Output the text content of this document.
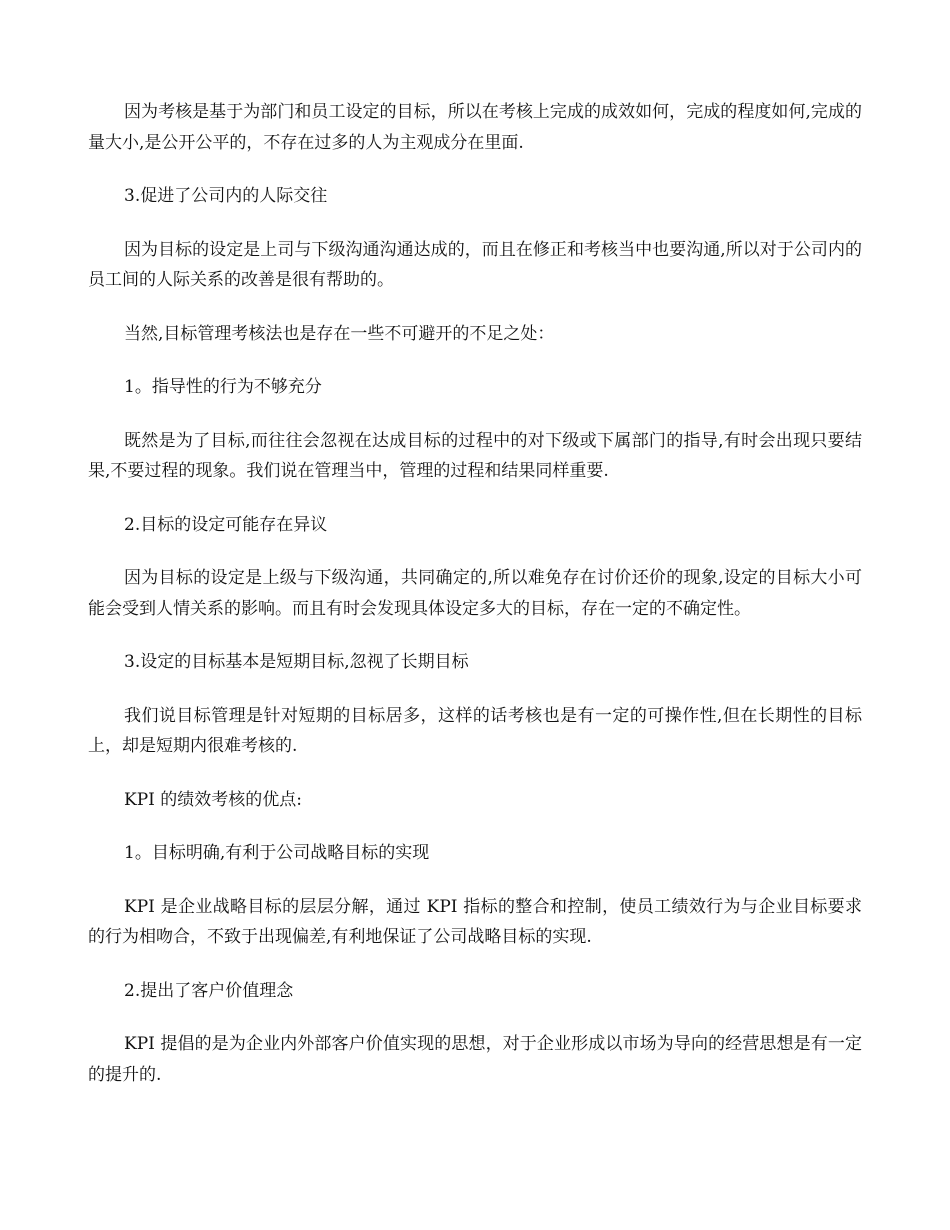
因为考核是基于为部门和员工设定的目标，所以在考核上完成的成效如何，完成的程度如何,完成的量大小,是公开公平的，不存在过多的人为主观成分在里面.

3.促进了公司内的人际交往

因为目标的设定是上司与下级沟通沟通达成的，而且在修正和考核当中也要沟通,所以对于公司内的员工间的人际关系的改善是很有帮助的。

当然,目标管理考核法也是存在一些不可避开的不足之处：

1。指导性的行为不够充分

既然是为了目标,而往往会忽视在达成目标的过程中的对下级或下属部门的指导,有时会出现只要结果,不要过程的现象。我们说在管理当中，管理的过程和结果同样重要.

2.目标的设定可能存在异议

因为目标的设定是上级与下级沟通，共同确定的,所以难免存在讨价还价的现象,设定的目标大小可能会受到人情关系的影响。而且有时会发现具体设定多大的目标，存在一定的不确定性。

3.设定的目标基本是短期目标,忽视了长期目标

我们说目标管理是针对短期的目标居多，这样的话考核也是有一定的可操作性,但在长期性的目标上，却是短期内很难考核的.

KPI 的绩效考核的优点:

1。目标明确,有利于公司战略目标的实现

KPI 是企业战略目标的层层分解，通过 KPI 指标的整合和控制，使员工绩效行为与企业目标要求的行为相吻合，不致于出现偏差,有利地保证了公司战略目标的实现.

2.提出了客户价值理念

KPI 提倡的是为企业内外部客户价值实现的思想，对于企业形成以市场为导向的经营思想是有一定的提升的.
